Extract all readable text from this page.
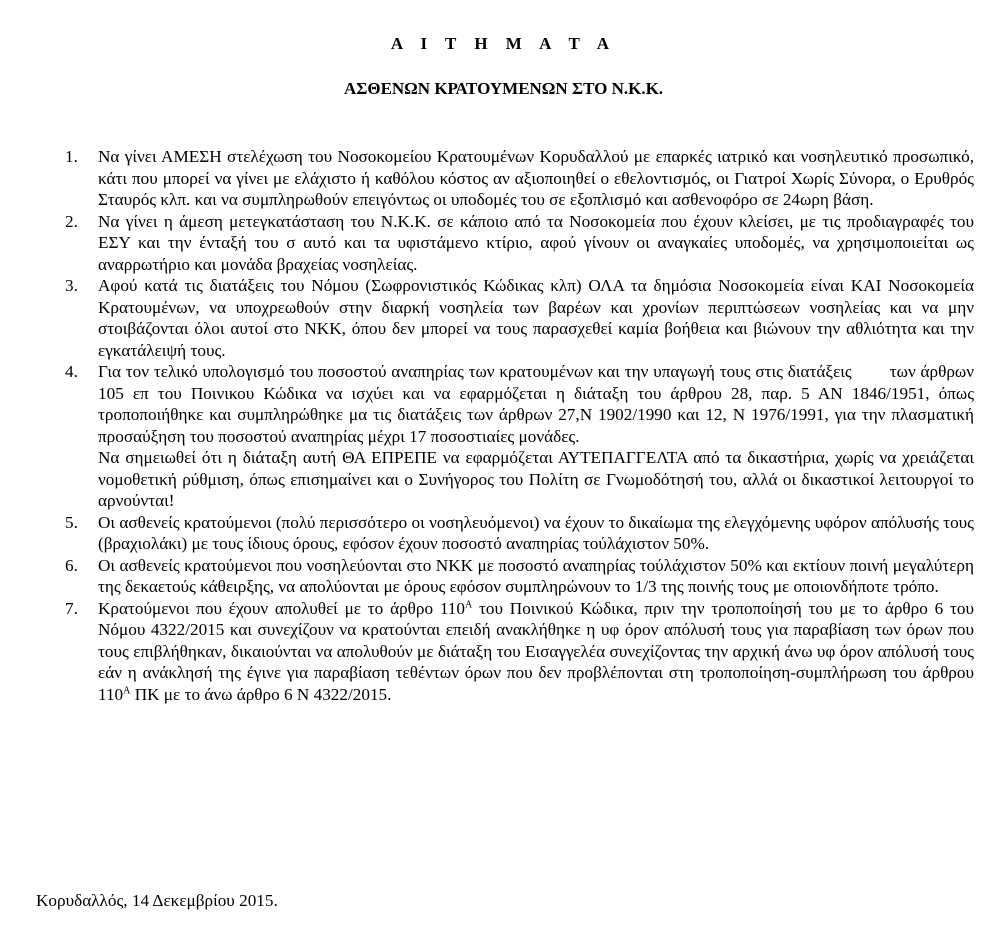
Α Ι Τ Η Μ Α Τ Α
ΑΣΘΕΝΩΝ ΚΡΑΤΟΥΜΕΝΩΝ ΣΤΟ Ν.Κ.Κ.
1. Να γίνει ΑΜΕΣΗ στελέχωση του Νοσοκομείου Κρατουμένων Κορυδαλλού με επαρκές ιατρικό και νοσηλευτικό προσωπικό, κάτι που μπορεί να γίνει με ελάχιστο ή καθόλου κόστος αν αξιοποιηθεί ο εθελοντισμός, οι Γιατροί Χωρίς Σύνορα, ο Ερυθρός Σταυρός κλπ. και να συμπληρωθούν επειγόντως οι υποδομές του σε εξοπλισμό και ασθενοφόρο σε 24ωρη βάση.
2. Να γίνει η άμεση μετεγκατάσταση του Ν.Κ.Κ. σε κάποιο από τα Νοσοκομεία που έχουν κλείσει, με τις προδιαγραφές του ΕΣΥ και την ένταξή του σ αυτό και τα υφιστάμενο κτίριο, αφού γίνουν οι αναγκαίες υποδομές, να χρησιμοποιείται ως αναρρωτήριο και μονάδα βραχείας νοσηλείας.
3. Αφού κατά τις διατάξεις του Νόμου (Σωφρονιστικός Κώδικας κλπ) ΟΛΑ τα δημόσια Νοσοκομεία είναι ΚΑΙ Νοσοκομεία Κρατουμένων, να υποχρεωθούν στην διαρκή νοσηλεία των βαρέων και χρονίων περιπτώσεων νοσηλείας και να μην στοιβάζονται όλοι αυτοί στο ΝΚΚ, όπου δεν μπορεί να τους παρασχεθεί καμία βοήθεια και βιώνουν την αθλιότητα και την εγκατάλειψή τους.
4. Για τον τελικό υπολογισμό του ποσοστού αναπηρίας των κρατουμένων και την υπαγωγή τους στις διατάξεις των άρθρων 105 επ του Ποινικου Κώδικα να ισχύει και να εφαρμόζεται η διάταξη του άρθρου 28, παρ. 5 ΑΝ 1846/1951, όπως τροποποιήθηκε και συμπληρώθηκε μα τις διατάξεις των άρθρων 27,Ν 1902/1990 και 12, Ν 1976/1991, για την πλασματική προσαύξηση του ποσοστού αναπηρίας μέχρι 17 ποσοστιαίες μονάδες.

Να σημειωθεί ότι η διάταξη αυτή ΘΑ ΕΠΡΕΠΕ να εφαρμόζεται ΑΥΤΕΠΑΓΓΕΛΤΑ από τα δικαστήρια, χωρίς να χρειάζεται νομοθετική ρύθμιση, όπως επισημαίνει και ο Συνήγορος του Πολίτη σε Γνωμοδότησή του, αλλά οι δικαστικοί λειτουργοί το αρνούνται!

5. Οι ασθενείς κρατούμενοι (πολύ περισσότερο οι νοσηλευόμενοι) να έχουν το δικαίωμα της ελεγχόμενης υφόρον απόλυσής τους (βραχιολάκι) με τους ίδιους όρους, εφόσον έχουν ποσοστό αναπηρίας τούλάχιστον 50%.
6. Οι ασθενείς κρατούμενοι που νοσηλεύονται στο ΝΚΚ με ποσοστό αναπηρίας τούλάχιστον 50% και εκτίουν ποινή μεγαλύτερη της δεκαετούς κάθειρξης, να απολύονται με όρους εφόσον συμπληρώνουν το 1/3 της ποινής τους με οποιονδήποτε τρόπο.
7. Κρατούμενοι που έχουν απολυθεί με το άρθρο $110^A$ του Ποινικού Κώδικα, πριν την τροποποίησή του με το άρθρο 6 του Νόμου 4322/2015 και συνεχίζουν να κρατούνται επειδή ανακλήθηκε η υφ όρον απόλυσή τους για παραβίαση των όρων που τους επιβλήθηκαν, δικαιούνται να απολυθούν με διάταξη του Εισαγγελέα συνεχίζοντας την αρχική άνω υφ όρον απόλυσή τους εάν η ανάκλησή της έγινε για παραβίαση τεθέντων όρων που δεν προβλέπονται στη τροποποίηση-συμπλήρωση του άρθρου $110^A$ ΠΚ με το άνω άρθρο 6 Ν 4322/2015.

Κορυδαλλός, 14 Δεκεμβρίου 2015.
